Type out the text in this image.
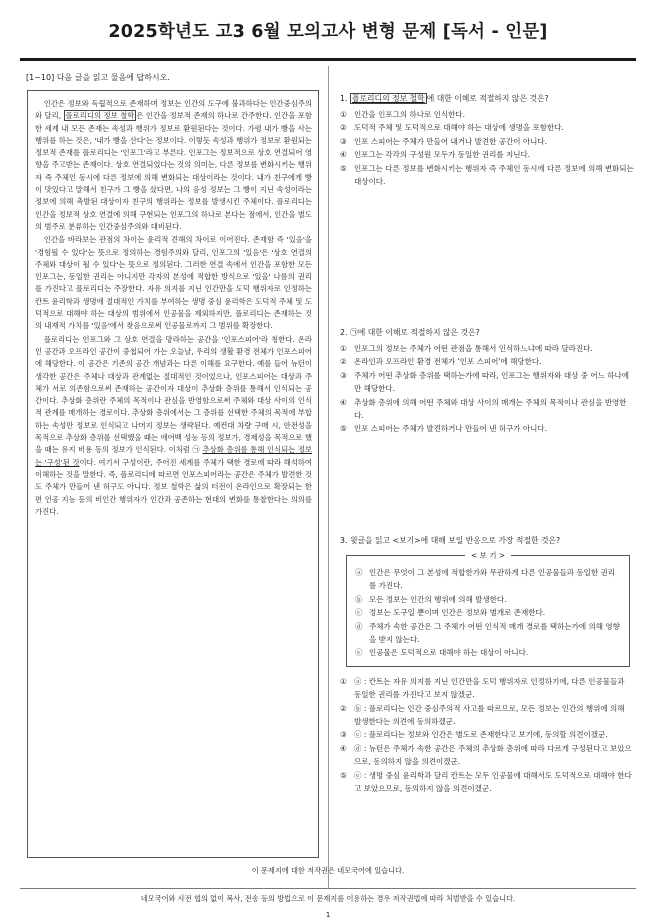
2025학년도 고3 6월 모의고사 변형 문제 [독서 - 인문]
[1~10] 다음 글을 읽고 물음에 답하시오.

인간은 정보와 독립적으로 존재하며 정보는 인간의 도구에 불과하다는 인간중심주의와 달리, 플로리디의 정보 철학 은 인간을 정보적 존재의 하나로 간주한다. 인간을 포함한 세계 내 모든 존재는 속성과 행위가 정보로 환원된다는 것이다. 가령 내가 빵을 사는 행위를 하는 것은, '내가 빵을 산다'는 정보이다. 이렇듯 속성과 행위가 정보로 환원되는 정보적 존재를 플로리디는 '인포그'라고 부른다. 인포그는 정보적으로 상호 연결되어 영향을 주고받는 존재이다. 상호 연결되었다는 것의 의미는, 다른 정보를 변화시키는 행위자 즉 주체인 동시에 다른 정보에 의해 변화되는 대상이라는 것이다. 내가 친구에게 빵이 맛있다고 말해서 친구가 그 빵을 샀다면, 나의 음성 정보는 그 빵이 지닌 속성이라는 정보에 의해 촉발된 대상이자 친구의 행위라는 정보를 발생시킨 주체이다. 플로리디는 인간을 정보적 상호 연결에 의해 구현되는 인포그의 하나로 본다는 점에서, 인간을 별도의 범주로 분류하는 인간중심주의와 대비된다.

인간을 바라보는 관점의 차이는 윤리적 견해의 차이로 이어진다. 존재함 즉 '있음'을 '경험될 수 있다'는 뜻으로 정의하는 경험주의와 달리, 인포그의 '있음'은 '상호 연결의 주체와 대상이 될 수 있다'는 뜻으로 정의된다. 그러한 연결 속에서 인간을 포함한 모든 인포그는, 동일한 권리는 아니지만 각자의 본성에 적합한 방식으로 '있을' 나름의 권리를 가진다고 플로리디는 주장한다. 자유 의지를 지닌 인간만을 도덕 행위자로 인정하는 칸트 윤리학과 생명에 절대적인 가치를 부여하는 생명 중심 윤리학은 도덕적 주체 및 도덕적으로 대해야 하는 대상의 범위에서 인공물을 제외하지만, 플로리디는 존재하는 것의 내재적 가치를 '있음'에서 찾음으로써 인공물로까지 그 범위를 확장한다.

플로리디는 인포그와 그 상호 연결을 망라하는 공간을 '인포스피어'라 칭한다. 온라인 공간과 오프라인 공간이 중첩되어 가는 오늘날, 우리의 생활 환경 전체가 인포스피어에 해당한다. 이 공간은 기존의 공간 개념과는 다른 이해를 요구한다. 예를 들어 뉴턴이 생각한 공간은 주체나 대상과 관계없는 절대적인 것이었으나, 인포스피어는 대상과 주체가 서로 의존함으로써 존재하는 공간이자 대상이 추상화 층위를 통해서 인식되는 공간이다. 추상화 층위란 주체의 목적이나 관심을 반영함으로써 주체와 대상 사이의 인식적 관계를 매개하는 경로이다. 추상화 층위에서는 그 층위를 선택한 주체의 목적에 부합하는 속성만 정보로 인식되고 나머지 정보는 생략된다. 예컨대 차량 구매 시, 안전성을 목적으로 추상화 층위를 선택했을 때는 에어백 성능 등의 정보가, 경제성을 목적으로 했을 때는 유지 비용 등의 정보가 인식된다. 이처럼 ㉠ 추상화 층위를 통해 인식되는 정보는 '구성'된 것이다. 여기서 구성이란, 주어진 세계를 주체가 택한 경로에 따라 해석하여 이해하는 것을 말한다. 즉, 플로리디에 따르면 인포스피어라는 공간은 주체가 발견한 것도 주체가 만들어 낸 허구도 아니다. 정보 철학은 삶의 터전이 온라인으로 확장되는 한편 인공 지능 등의 비인간 행위자가 인간과 공존하는 현대의 변화를 통찰한다는 의의를 가진다.

1. 플로리디의 정보 철학 에 대한 이해로 적절하지 않은 것은?
① 인간을 인포그의 하나로 인식한다.
② 도덕적 주체 및 도덕적으로 대해야 하는 대상에 생명을 포함한다.
③ 인포 스피어는 주체가 만들어 내거나 발견한 공간이 아니다.
④ 인포그는 각각의 구성원 모두가 동일한 권리를 지닌다.
⑤ 인포그는 다른 정보를 변화시키는 행위자 즉 주체인 동시에 다른 정보에 의해 변화되는 대상이다.
2. ㉠에 대한 이해로 적절하지 않은 것은?
① 인포그의 정보는 주체가 어떤 관점을 통해서 인식하느냐에 따라 달라진다.
② 온라인과 오프라인 환경 전체가 '인포 스피어'에 해당한다.
③ 주체가 어떤 추상화 층위를 택하는가에 따라, 인포그는 행위자와 대상 중 어느 하나에만 해당한다.
④ 추상화 층위에 의해 어떤 주체와 대상 사이의 매개는 주체의 목적이나 관심을 반영한다.
⑤ 인포 스피어는 주체가 발견하거나 만들어 낸 허구가 아니다.
3. 윗글을 읽고 <보기>에 대해 보일 반응으로 가장 적절한 것은?
< 보 기 >
ⓐ 인간은 무엇이 그 본성에 적합한가와 무관하게 다른 인공물들과 동일한 권리를 가진다.
ⓑ 모든 정보는 인간의 행위에 의해 발생한다.
ⓒ 정보는 도구일 뿐이며 인간은 정보와 별개로 존재한다.
ⓓ 주체가 속한 공간은 그 주체가 어떤 인식적 매개 경로를 택하는가에 의해 영향을 받지 않는다.
ⓔ 인공물은 도덕적으로 대해야 하는 대상이 아니다.
① ⓐ : 칸트는 자유 의지를 지닌 인간만을 도덕 행위자로 인정하기에, 다른 인공물들과 동일한 권리를 가진다고 보지 않겠군.
② ⓑ : 플로리디는 인간 중심주의적 사고를 따르므로, 모든 정보는 인간의 행위에 의해 발생한다는 의견에 동의하겠군.
③ ⓒ : 플로리디는 정보와 인간은 별도로 존재한다고 보기에, 동의할 의견이겠군.
④ ⓓ : 뉴턴은 주체가 속한 공간은 주체의 추상화 층위에 따라 다르게 구성된다고 보았으므로, 동의하지 않을 의견이겠군.
⑤ ⓔ : 생명 중심 윤리학과 달리 칸트는 모두 인공물에 대해서도 도덕적으로 대해야 한다고 보았으므로, 동의하지 않을 의견이겠군.
이 문제지에 대한 저작권은 네모국어에 있습니다.
네모국어와 사전 협의 없이 복사, 전송 등의 방법으로 이 문제지를 이용하는 경우 저작권법에 따라 처벌받을 수 있습니다.
1
